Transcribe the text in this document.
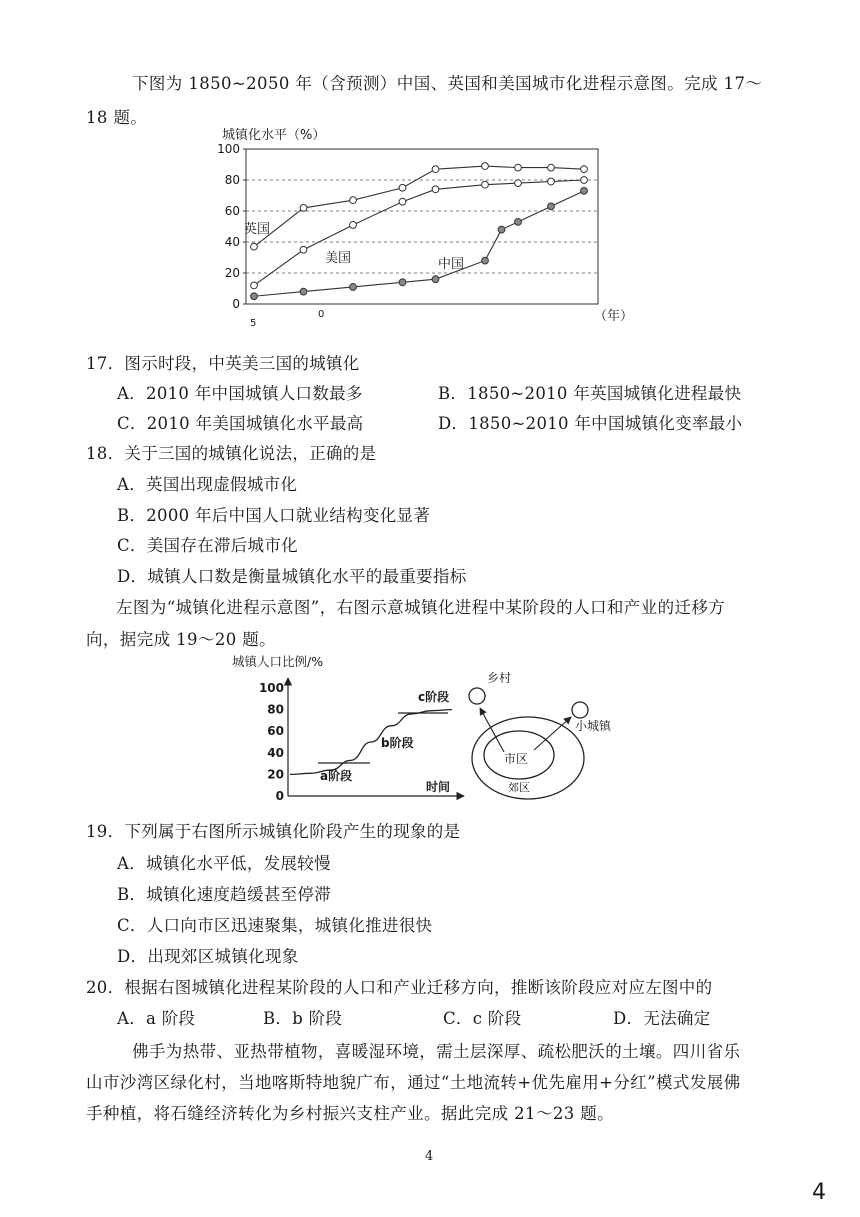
下图为 1850~2050 年（含预测）中国、英国和美国城市化进程示意图。完成 17～
18 题。
城镇化水平（%）
100
80
60
40
20
0
5
0	（年）
英国
美国	中国
17．图示时段，中英美三国的城镇化
A．2010 年中国城镇人口数最多	B．1850~2010 年英国城镇化进程最快
C．2010 年美国城镇化水平最高	D．1850~2010 年中国城镇化变率最小
18．关于三国的城镇化说法，正确的是
A．英国出现虚假城市化
B．2000 年后中国人口就业结构变化显著
C．美国存在滞后城市化
D．城镇人口数是衡量城镇化水平的最重要指标
左图为“城镇化进程示意图”，右图示意城镇化进程中某阶段的人口和产业的迁移方
向，据完成 19～20 题。
城镇人口比例/%
100
80
60
40
20
0
a阶段
b阶段
c阶段
时间
乡村
小城镇
市区
郊区
19．下列属于右图所示城镇化阶段产生的现象的是
A．城镇化水平低，发展较慢
B．城镇化速度趋缓甚至停滞
C．人口向市区迅速聚集，城镇化推进很快
D．出现郊区城镇化现象
20．根据右图城镇化进程某阶段的人口和产业迁移方向，推断该阶段应对应左图中的
A．a 阶段	B．b 阶段	C．c 阶段	D．无法确定
佛手为热带、亚热带植物，喜暖湿环境，需土层深厚、疏松肥沃的土壤。四川省乐
山市沙湾区绿化村，当地喀斯特地貌广布，通过“土地流转+优先雇用+分红”模式发展佛
手种植，将石缝经济转化为乡村振兴支柱产业。据此完成 21～23 题。
4
4
